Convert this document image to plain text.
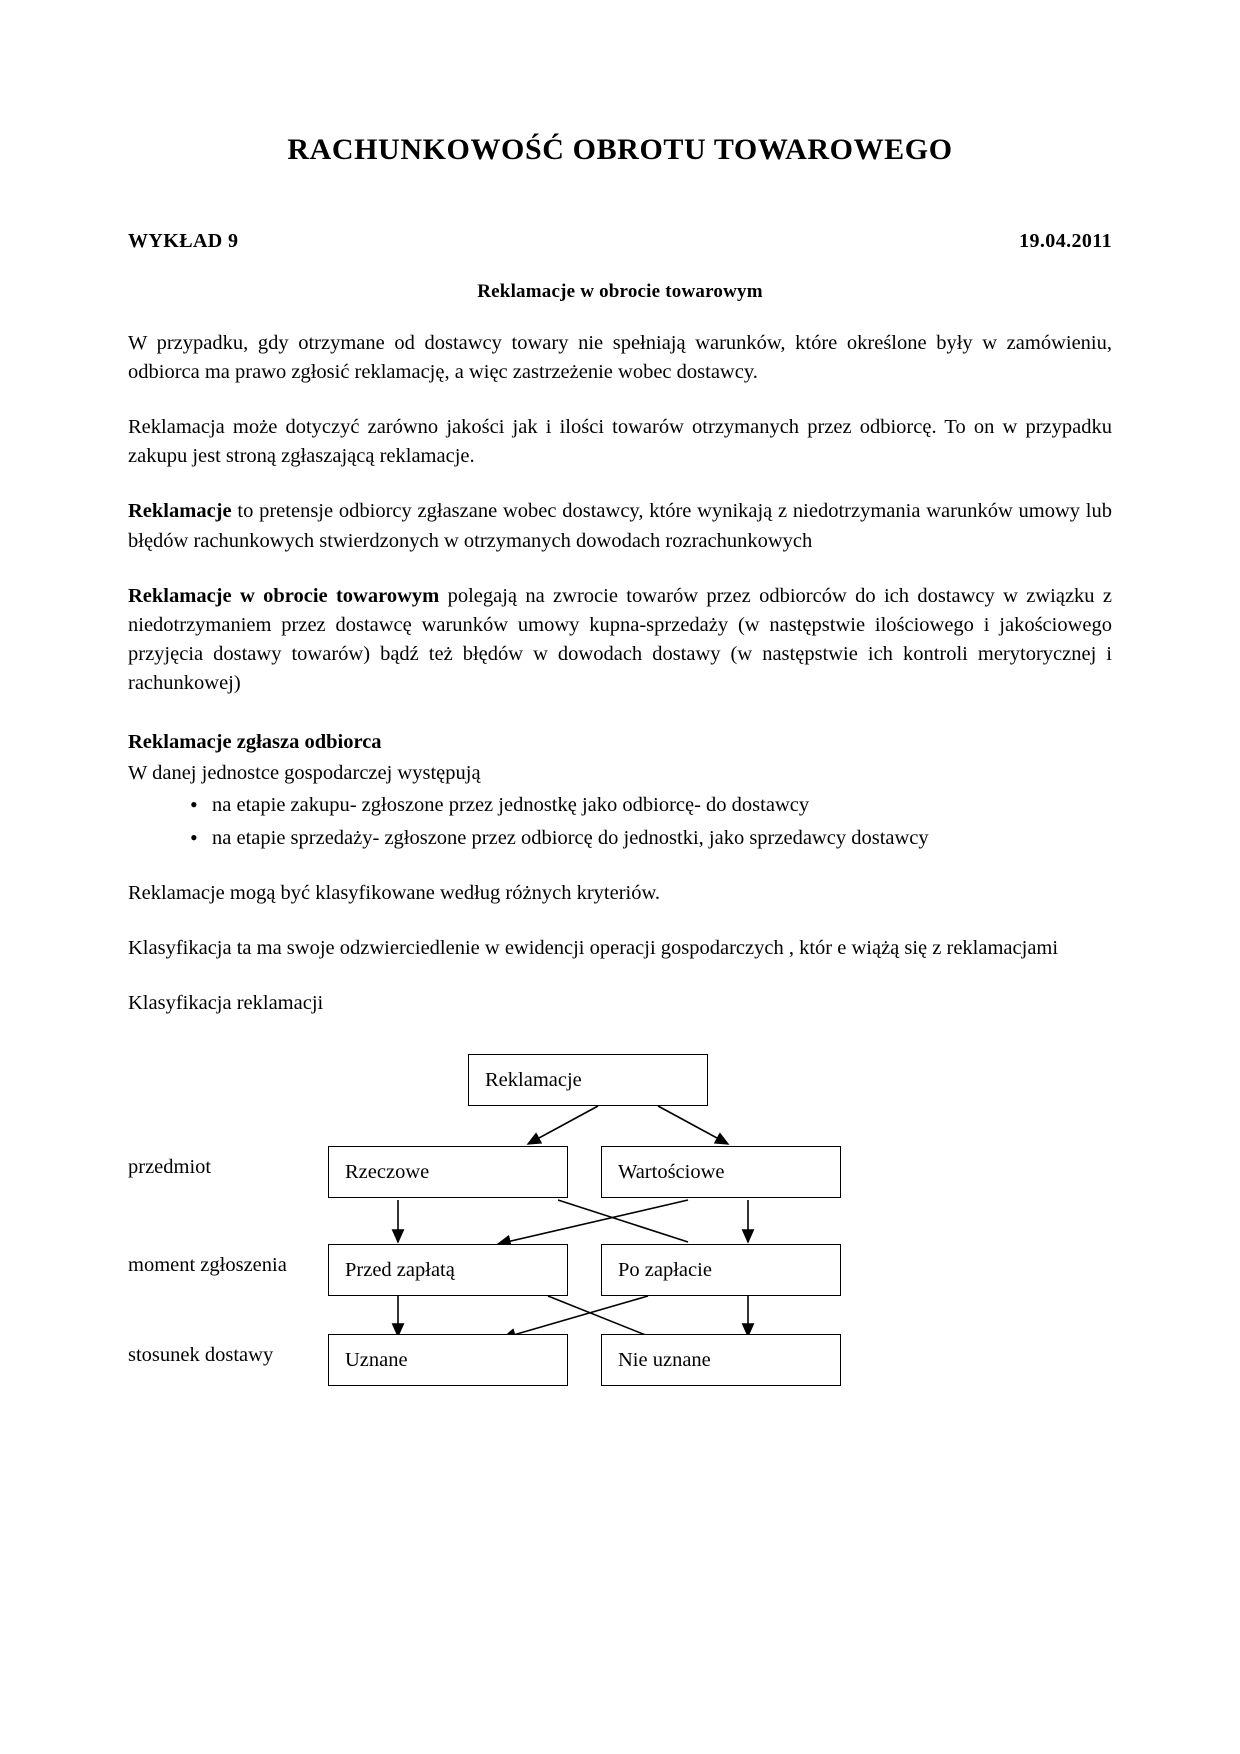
RACHUNKOWOŚĆ OBROTU TOWAROWEGO
WYKŁAD 9	19.04.2011
Reklamacje w obrocie towarowym

W przypadku, gdy otrzymane od dostawcy towary nie spełniają warunków, które określone były w zamówieniu, odbiorca ma prawo zgłosić reklamację, a więc zastrzeżenie wobec dostawcy.

Reklamacja może dotyczyć zarówno jakości jak i ilości towarów otrzymanych przez odbiorcę. To on w przypadku zakupu jest stroną zgłaszającą reklamacje.

Reklamacje to pretensje odbiorcy zgłaszane wobec dostawcy, które wynikają z niedotrzymania warunków umowy lub błędów rachunkowych stwierdzonych w otrzymanych dowodach rozrachunkowych

Reklamacje w obrocie towarowym polegają na zwrocie towarów przez odbiorców do ich dostawcy w związku z niedotrzymaniem przez dostawcę warunków umowy kupna-sprzedaży (w następstwie ilościowego i jakościowego przyjęcia dostawy towarów) bądź też błędów w dowodach dostawy (w następstwie ich kontroli merytorycznej i rachunkowej)

Reklamacje zgłasza odbiorca
W danej jednostce gospodarczej występują
• na etapie zakupu- zgłoszone przez jednostkę jako odbiorcę- do dostawcy
• na etapie sprzedaży- zgłoszone przez odbiorcę do jednostki, jako sprzedawcy dostawcy

Reklamacje mogą być klasyfikowane według różnych kryteriów.

Klasyfikacja ta ma swoje odzwierciedlenie w ewidencji operacji gospodarczych , któr e wiążą się z reklamacjami

Klasyfikacja reklamacji

Reklamacje
przedmiot	Rzeczowe	Wartościowe
moment zgłoszenia	Przed zapłatą	Po zapłacie
stosunek dostawy	Uznane	Nie uznane
